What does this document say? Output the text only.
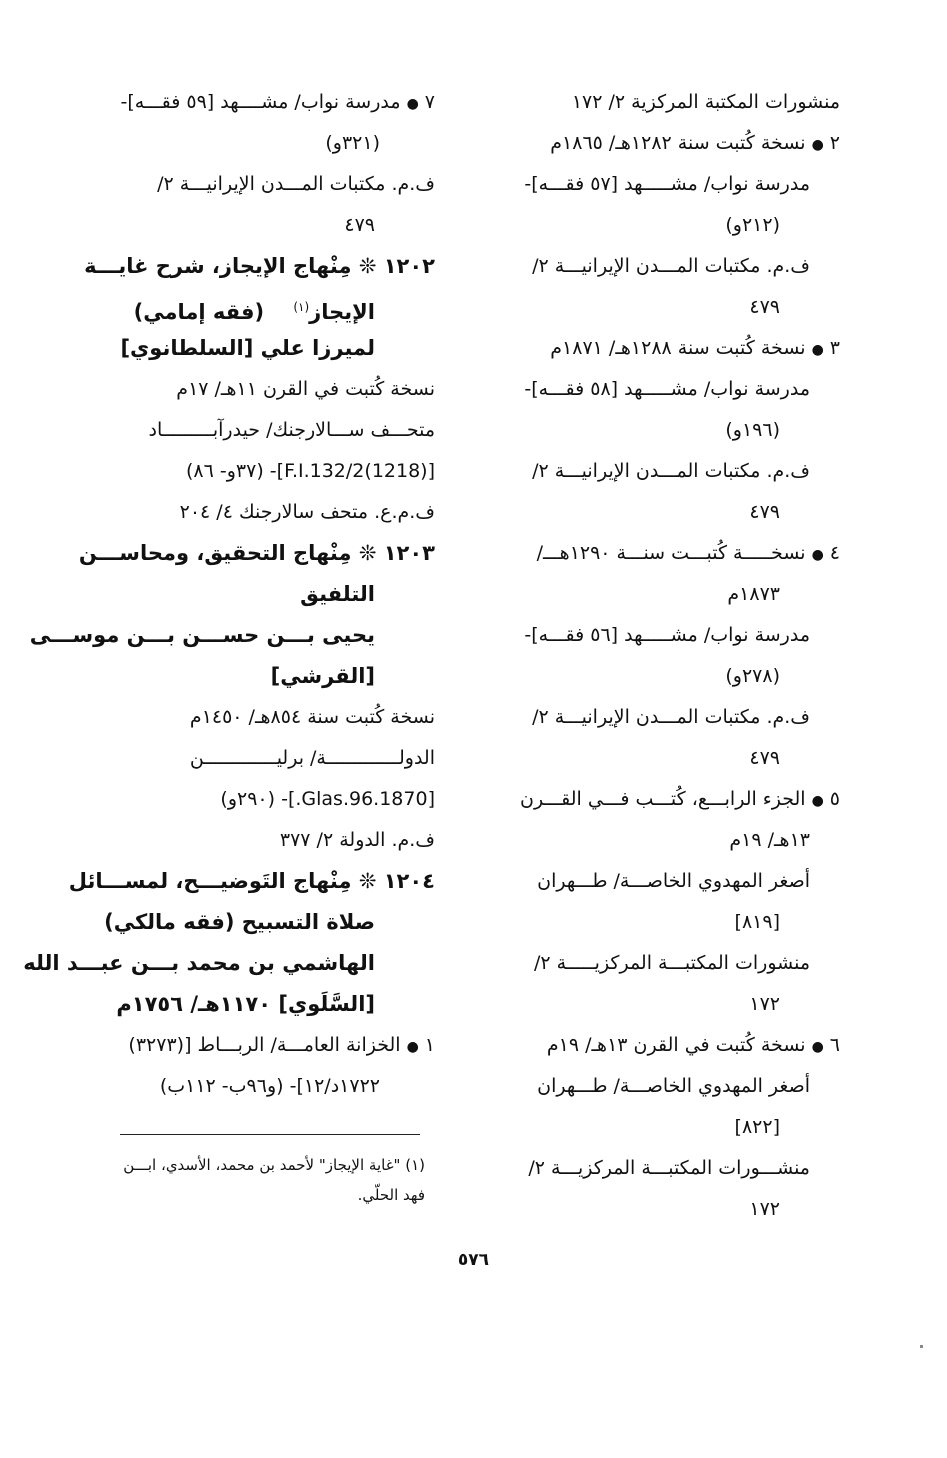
منشورات المكتبة المركزية ٢/ ١٧٢
٢●نسخة كُتبت سنة ١٢٨٢هـ/ ١٨٦٥م
مدرسة نواب/ مشـــــهد [٥٧ فقـــه]-
(٢١٢و)
ف.م. مكتبات المـــدن الإيرانيـــة ٢/
٤٧٩
٣●نسخة كُتبت سنة ١٢٨٨هـ/ ١٨٧١م
مدرسة نواب/ مشـــــهد [٥٨ فقـــه]-
(١٩٦و)
ف.م. مكتبات المـــدن الإيرانيـــة ٢/
٤٧٩
٤●نسخـــــة كُتبـــت سنـــة ١٢٩٠هـــ/
١٨٧٣م
مدرسة نواب/ مشـــــهد [٥٦ فقـــه]-
(٢٧٨و)
ف.م. مكتبات المـــدن الإيرانيـــة ٢/
٤٧٩
٥●الجزء الرابـــع، كُتـــب فـــي القـــرن
١٣هـ/ ١٩م
أصغر المهدوي الخاصـــة/ طـــهران
[٨١٩]
منشورات المكتبـــة المركزيـــــة ٢/
١٧٢
٦●نسخة كُتبت في القرن ١٣هـ/ ١٩م
أصغر المهدوي الخاصـــة/ طـــهران
[٨٢٢]
منشـــورات المكتبـــة المركزيـــة ٢/
١٧٢
٧●مدرسة نواب/ مشــــهد [٥٩ فقـــه]-
(٣٢١و)
ف.م. مكتبات المـــدن الإيرانيـــة ٢/
٤٧٩
١٢٠٢ ❊ مِنْهاج الإيجاز، شرح غايـــة
الإيجاز$^{(١)}$    (فقه إمامي)
لميرزا علي [السلطانوي]
نسخة كُتبت في القرن ١١هـ/ ١٧م
متحـــف ســـالارجنك/ حيدرآبـــــــــاد
[(1218)F.I.132/2]- (٣٧و- ٨٦)
ف.م.ع. متحف سالارجنك ٤/ ٢٠٤
١٢٠٣ ❊ مِنْهاج التحقيق، ومحاســـن
التلفيق
يحيى بـــن حســـن بـــن موســـى
[القرشي]
نسخة كُتبت سنة ٨٥٤هـ/ ١٤٥٠م
الدولـــــــــــــة/ برليـــــــــــــن
[1870.Glas.96.]- (٢٩٠و)
ف.م. الدولة ٢/ ٣٧٧
١٢٠٤ ❊ مِنْهاج التَوضيـــح، لمســـائل
صلاة التسبيح (فقه مالكي)
الهاشمي بن محمد بـــن عبـــد الله
[السَّلَوي] ١١٧٠هـ/ ١٧٥٦م
١●الخزانة العامـــة/ الربـــاط [(٣٢٧٣)
١٧٢٢د/١٢]- (و٩٦ب- ١١٢ب)
(١) "غاية الإيجاز" لأحمد بن محمد، الأسدي، ابـــن
فهد الحلّي.
٥٧٦
